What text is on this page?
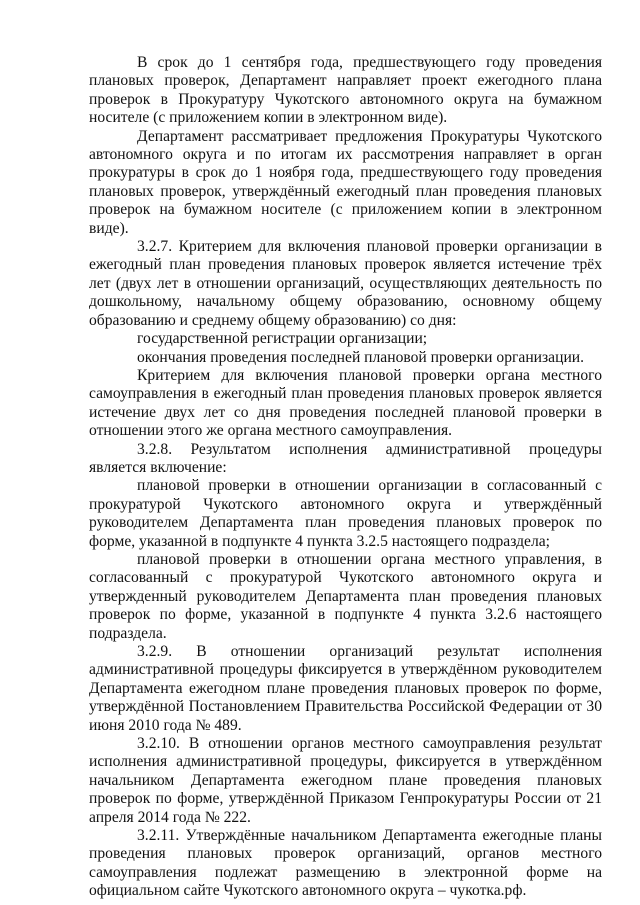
В срок до 1 сентября года, предшествующего году проведения плановых проверок, Департамент направляет проект ежегодного плана проверок в Прокуратуру Чукотского автономного округа на бумажном носителе (с приложением копии в электронном виде).

Департамент рассматривает предложения Прокуратуры Чукотского автономного округа и по итогам их рассмотрения направляет в орган прокуратуры в срок до 1 ноября года, предшествующего году проведения плановых проверок, утверждённый ежегодный план проведения плановых проверок на бумажном носителе (с приложением копии в электронном виде).

3.2.7. Критерием для включения плановой проверки организации в ежегодный план проведения плановых проверок является истечение трёх лет (двух лет в отношении организаций, осуществляющих деятельность по дошкольному, начальному общему образованию, основному общему образованию и среднему общему образованию) со дня:

государственной регистрации организации;

окончания проведения последней плановой проверки организации.

Критерием для включения плановой проверки органа местного самоуправления в ежегодный план проведения плановых проверок является истечение двух лет со дня проведения последней плановой проверки в отношении этого же органа местного самоуправления.

3.2.8. Результатом исполнения административной процедуры является включение:

плановой проверки в отношении организации в согласованный с прокуратурой Чукотского автономного округа и утверждённый руководителем Департамента план проведения плановых проверок по форме, указанной в подпункте 4 пункта 3.2.5 настоящего подраздела;

плановой проверки в отношении органа местного управления, в согласованный с прокуратурой Чукотского автономного округа и утвержденный руководителем Департамента план проведения плановых проверок по форме, указанной в подпункте 4 пункта 3.2.6 настоящего подраздела.

3.2.9. В отношении организаций результат исполнения административной процедуры фиксируется в утверждённом руководителем Департамента ежегодном плане проведения плановых проверок по форме, утверждённой Постановлением Правительства Российской Федерации от 30 июня 2010 года № 489.

3.2.10. В отношении органов местного самоуправления результат исполнения административной процедуры, фиксируется в утверждённом начальником Департамента ежегодном плане проведения плановых проверок по форме, утверждённой Приказом Генпрокуратуры России от 21 апреля 2014 года № 222.

3.2.11. Утверждённые начальником Департамента ежегодные планы проведения плановых проверок организаций, органов местного самоуправления подлежат размещению в электронной форме на официальном сайте Чукотского автономного округа – чукотка.рф.
